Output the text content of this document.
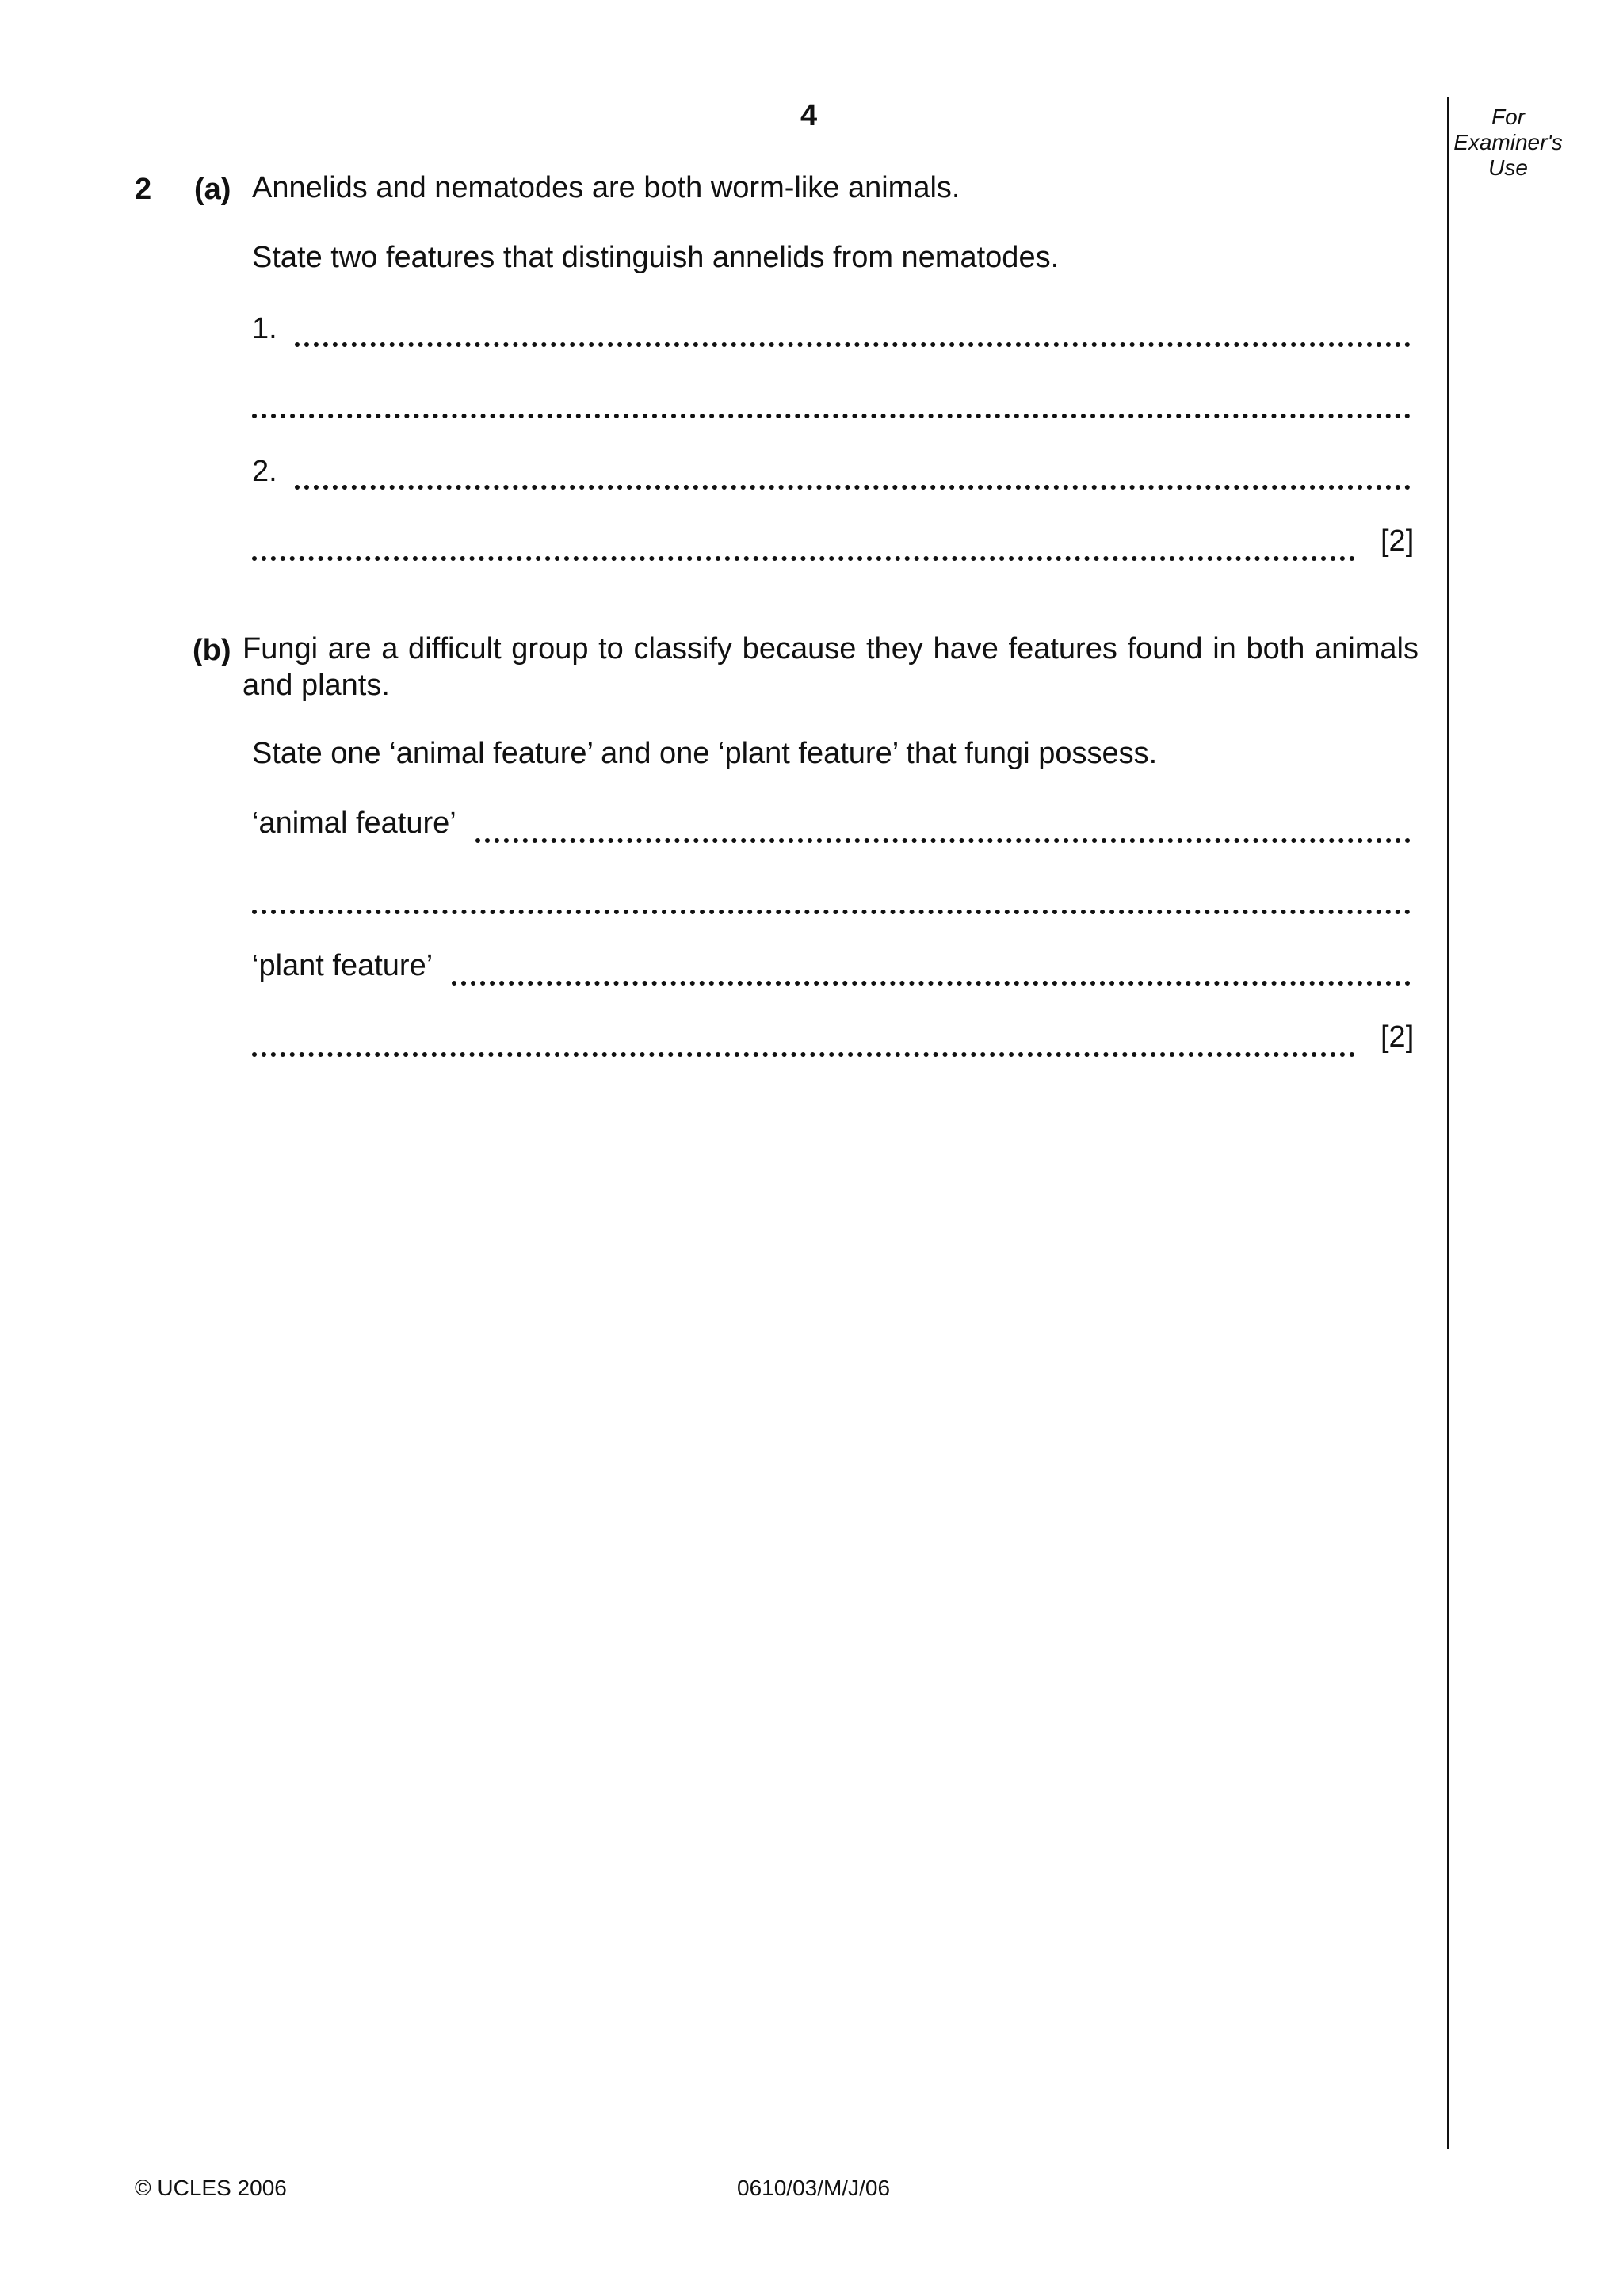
4	For
Examiner's
Use
2 (a) Annelids and nematodes are both worm-like animals.
State two features that distinguish annelids from nematodes.
1.
2.
[2]
(b) Fungi are a difficult group to classify because they have features found in both animals and plants.
State one ‘animal feature’ and one ‘plant feature’ that fungi possess.
‘animal feature’
‘plant feature’
[2]
© UCLES 2006	0610/03/M/J/06
